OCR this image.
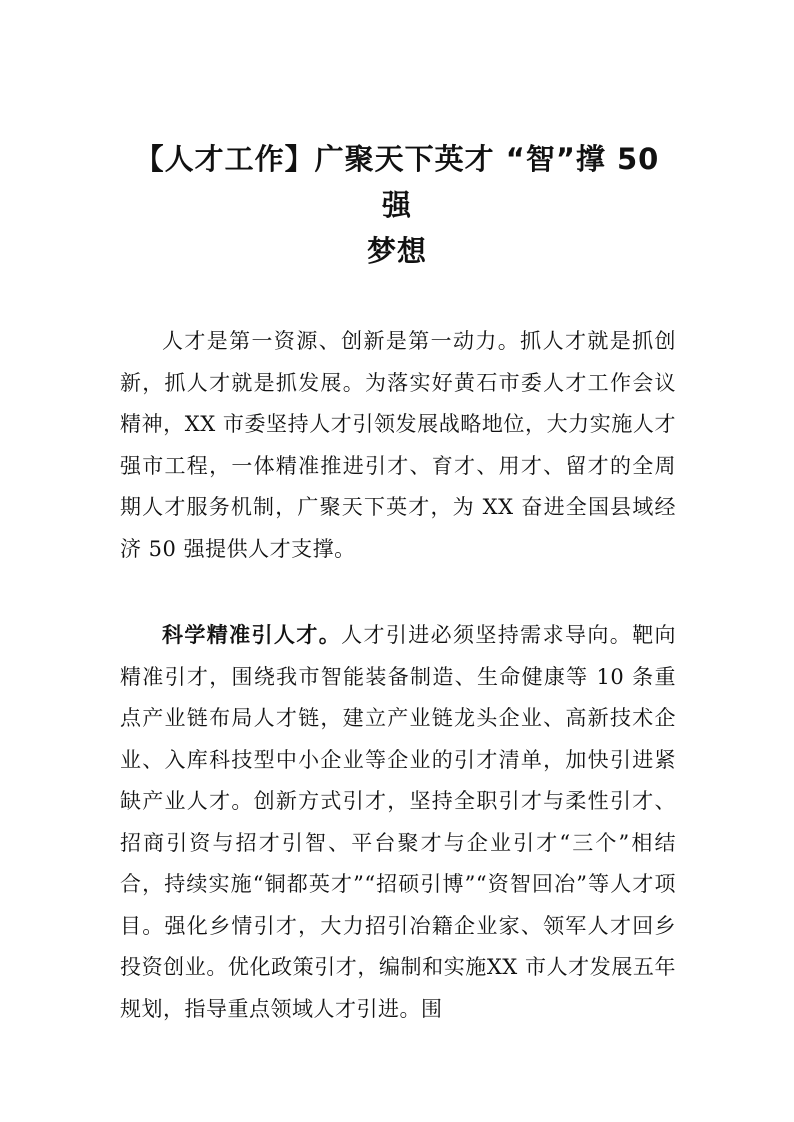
【人才工作】广聚天下英才 “智”撑 50
强
梦想

人才是第一资源、创新是第一动力。抓人才就是抓创新，抓人才就是抓发展。为落实好黄石市委人才工作会议精神，XX 市委坚持人才引领发展战略地位，大力实施人才强市工程，一体精准推进引才、育才、用才、留才的全周期人才服务机制，广聚天下英才，为 XX 奋进全国县域经济 50 强提供人才支撑。

科学精准引人才。人才引进必须坚持需求导向。靶向精准引才，围绕我市智能装备制造、生命健康等 10 条重点产业链布局人才链，建立产业链龙头企业、高新技术企业、入库科技型中小企业等企业的引才清单，加快引进紧缺产业人才。创新方式引才，坚持全职引才与柔性引才、招商引资与招才引智、平台聚才与企业引才“三个”相结合，持续实施“铜都英才”“招硕引博”“资智回冶”等人才项目。强化乡情引才，大力招引冶籍企业家、领军人才回乡投资创业。优化政策引才，编制和实施XX 市人才发展五年规划，指导重点领域人才引进。围
